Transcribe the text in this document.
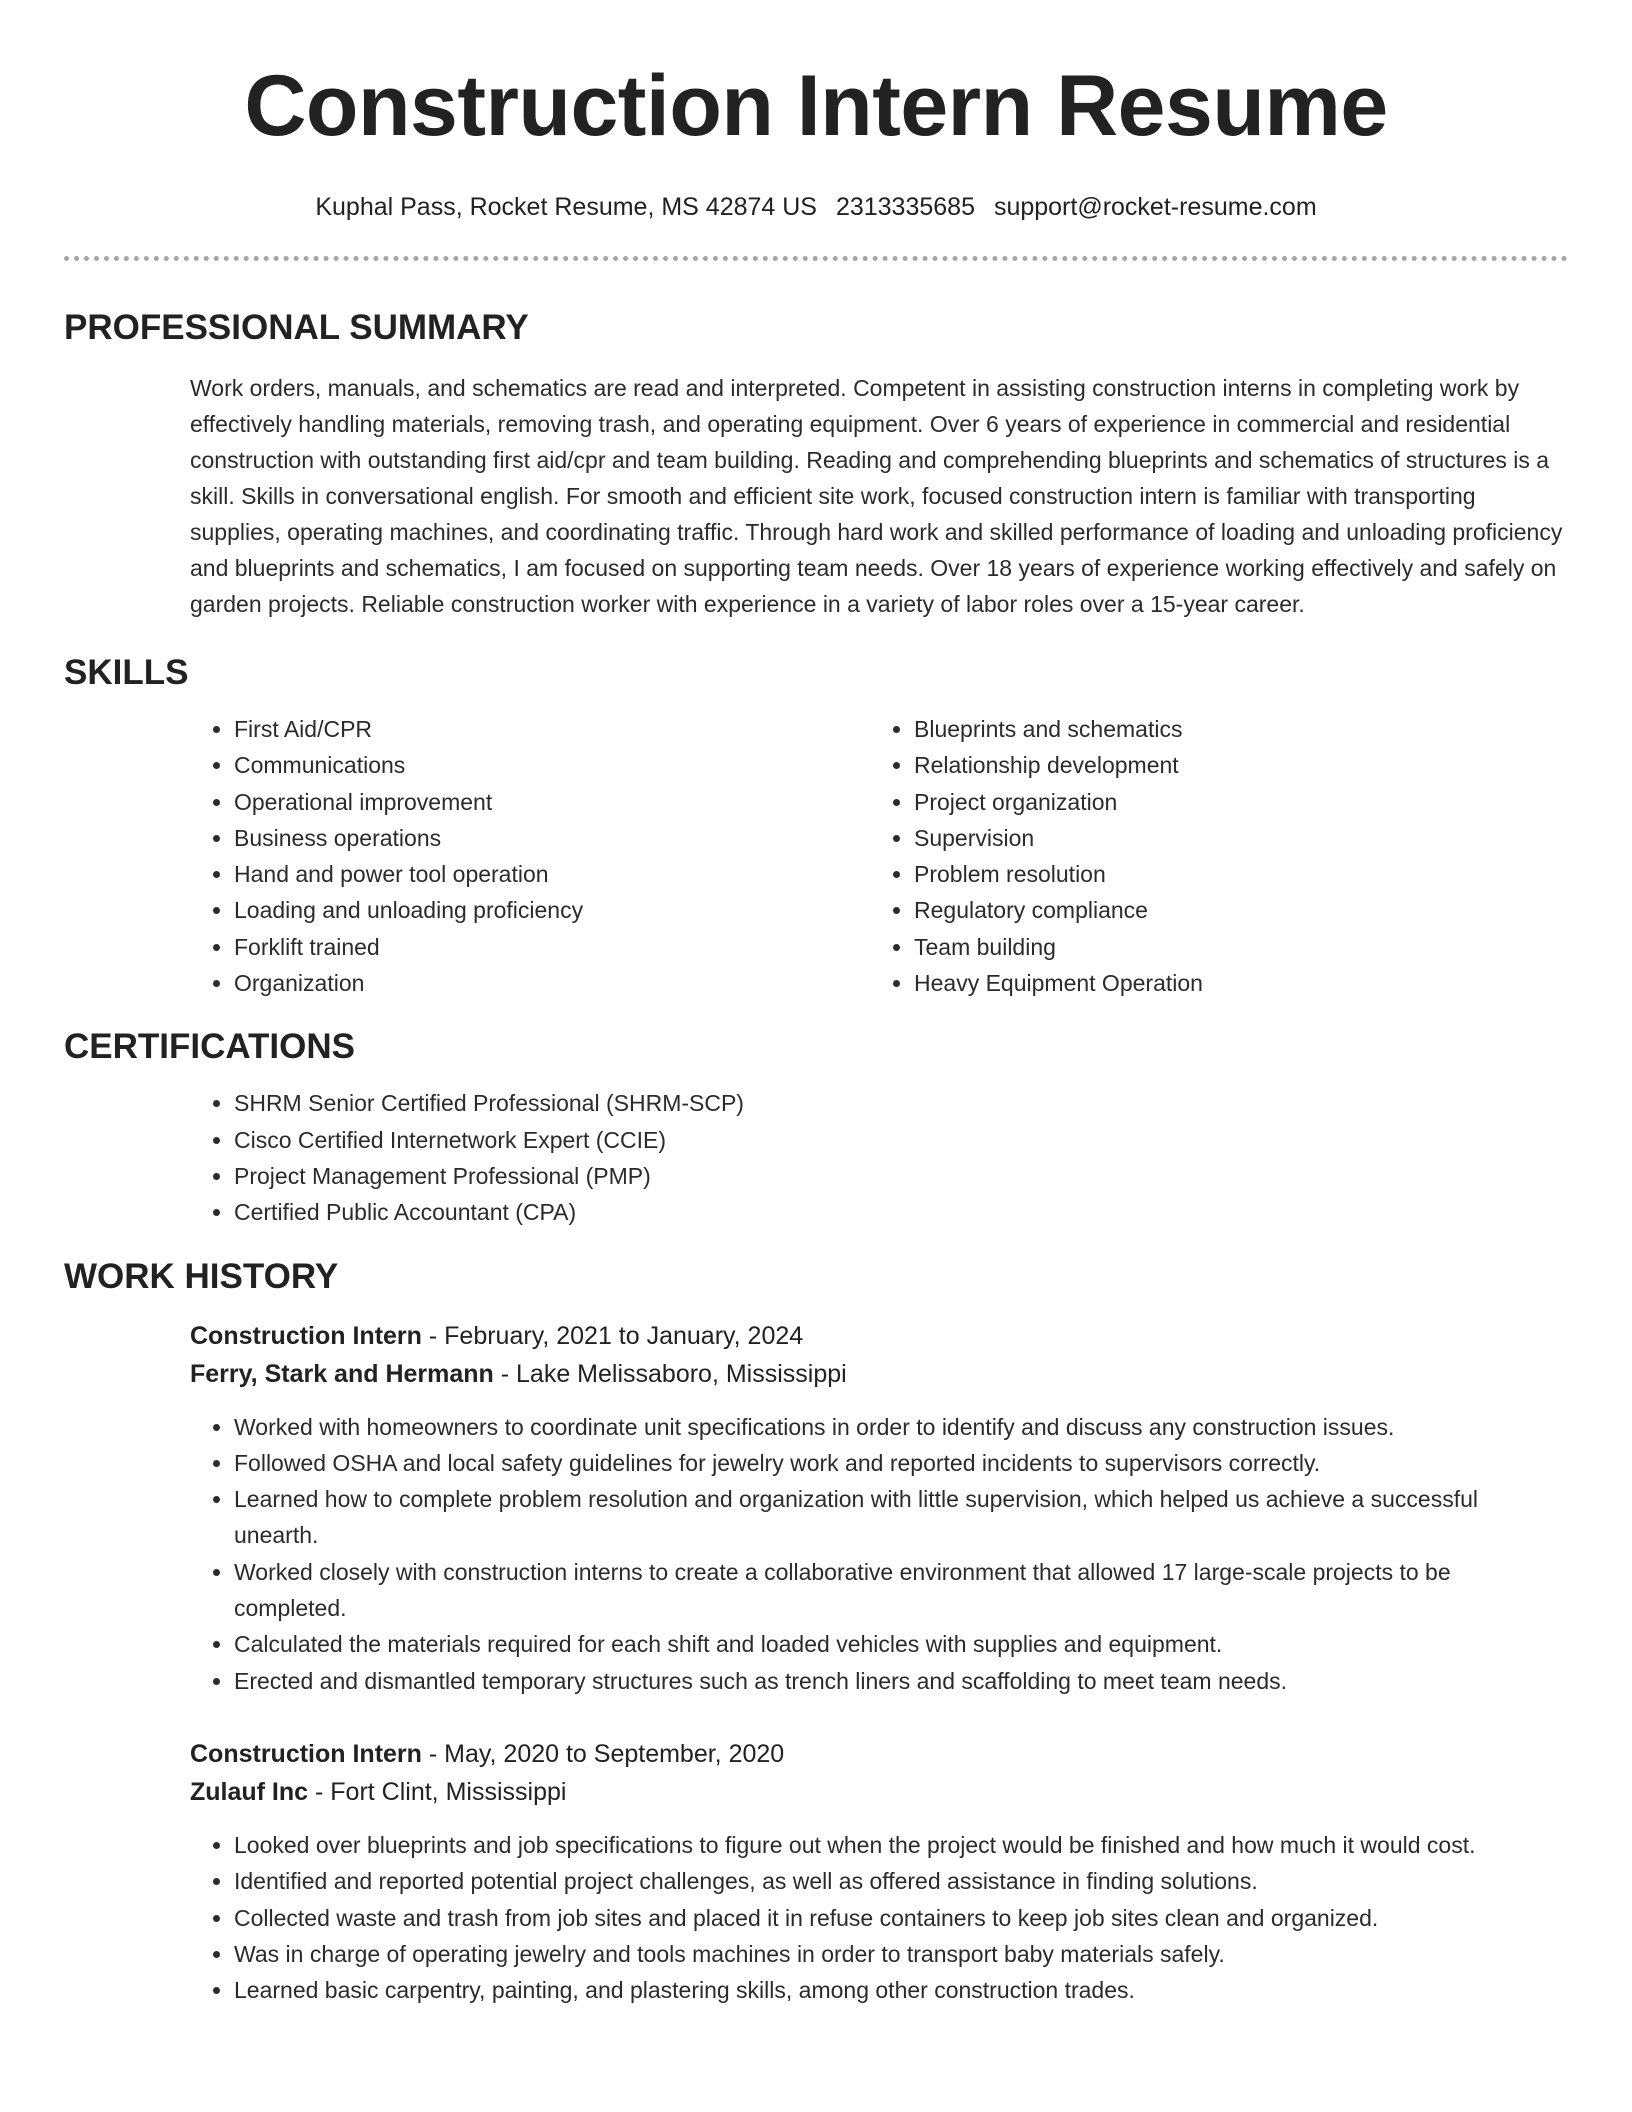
Construction Intern Resume
Kuphal Pass, Rocket Resume, MS 42874 US 2313335685 support@rocket-resume.com
PROFESSIONAL SUMMARY

Work orders, manuals, and schematics are read and interpreted. Competent in assisting construction interns in completing work by effectively handling materials, removing trash, and operating equipment. Over 6 years of experience in commercial and residential construction with outstanding first aid/cpr and team building. Reading and comprehending blueprints and schematics of structures is a skill. Skills in conversational english. For smooth and efficient site work, focused construction intern is familiar with transporting supplies, operating machines, and coordinating traffic. Through hard work and skilled performance of loading and unloading proficiency and blueprints and schematics, I am focused on supporting team needs. Over 18 years of experience working effectively and safely on garden projects. Reliable construction worker with experience in a variety of labor roles over a 15-year career.

SKILLS
• First Aid/CPR
• Communications
• Operational improvement
• Business operations
• Hand and power tool operation
• Loading and unloading proficiency
• Forklift trained
• Organization
• Blueprints and schematics
• Relationship development
• Project organization
• Supervision
• Problem resolution
• Regulatory compliance
• Team building
• Heavy Equipment Operation
CERTIFICATIONS
• SHRM Senior Certified Professional (SHRM-SCP)
• Cisco Certified Internetwork Expert (CCIE)
• Project Management Professional (PMP)
• Certified Public Accountant (CPA)
WORK HISTORY
Construction Intern - February, 2021 to January, 2024
Ferry, Stark and Hermann - Lake Melissaboro, Mississippi
• Worked with homeowners to coordinate unit specifications in order to identify and discuss any construction issues.
• Followed OSHA and local safety guidelines for jewelry work and reported incidents to supervisors correctly.
• Learned how to complete problem resolution and organization with little supervision, which helped us achieve a successful unearth.
• Worked closely with construction interns to create a collaborative environment that allowed 17 large-scale projects to be completed.
• Calculated the materials required for each shift and loaded vehicles with supplies and equipment.
• Erected and dismantled temporary structures such as trench liners and scaffolding to meet team needs.
Construction Intern - May, 2020 to September, 2020
Zulauf Inc - Fort Clint, Mississippi
• Looked over blueprints and job specifications to figure out when the project would be finished and how much it would cost.
• Identified and reported potential project challenges, as well as offered assistance in finding solutions.
• Collected waste and trash from job sites and placed it in refuse containers to keep job sites clean and organized.
• Was in charge of operating jewelry and tools machines in order to transport baby materials safely.
• Learned basic carpentry, painting, and plastering skills, among other construction trades.
